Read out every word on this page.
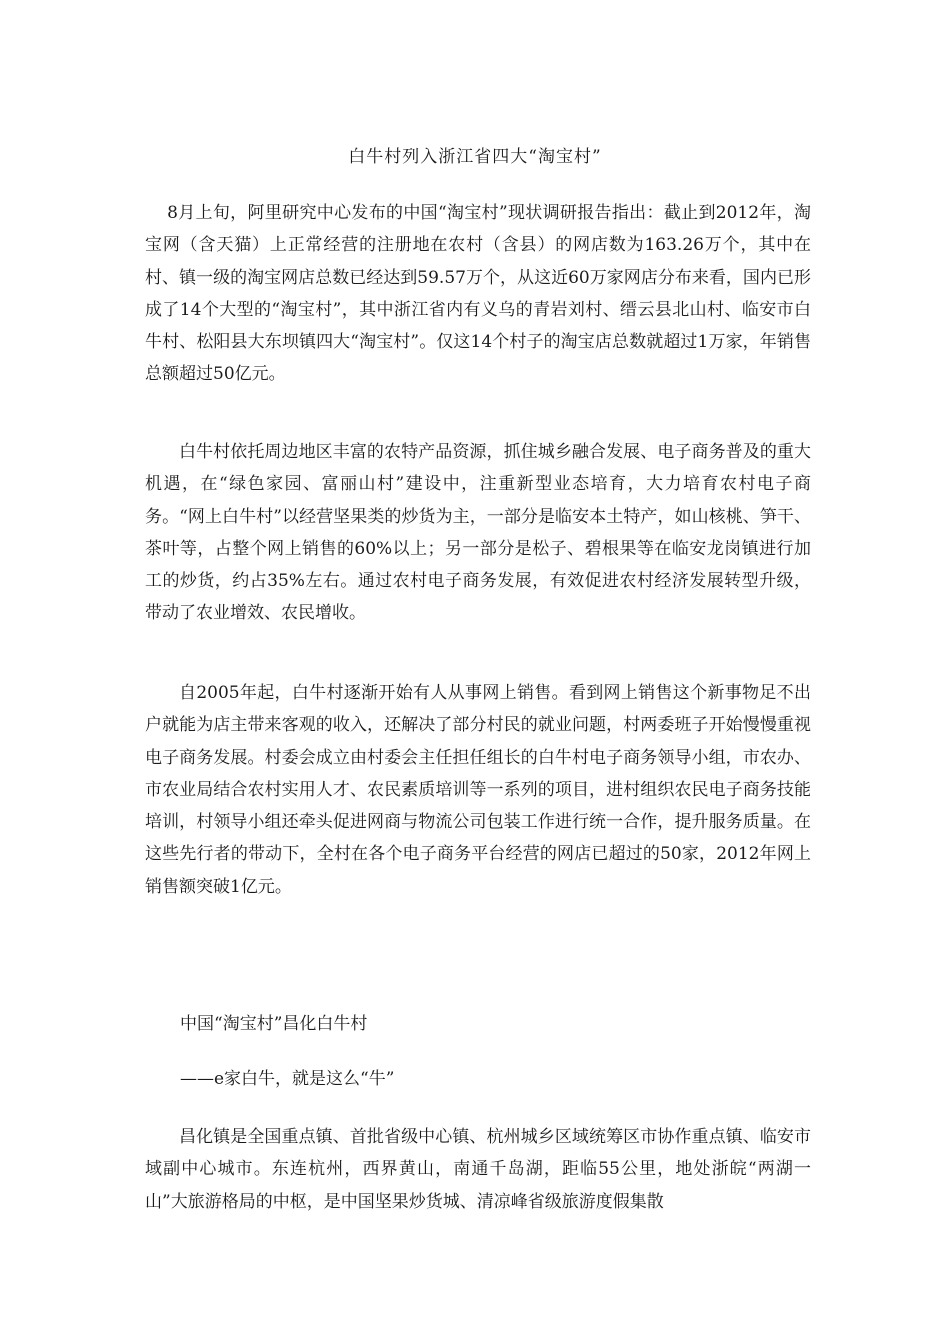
白牛村列入浙江省四大“淘宝村”

8月上旬，阿里研究中心发布的中国“淘宝村”现状调研报告指出：截止到2012年，淘宝网（含天猫）上正常经营的注册地在农村（含县）的网店数为163.26万个，其中在村、镇一级的淘宝网店总数已经达到59.57万个，从这近60万家网店分布来看，国内已形成了14个大型的“淘宝村”，其中浙江省内有义乌的青岩刘村、缙云县北山村、临安市白牛村、松阳县大东坝镇四大“淘宝村”。仅这14个村子的淘宝店总数就超过1万家，年销售总额超过50亿元。

白牛村依托周边地区丰富的农特产品资源，抓住城乡融合发展、电子商务普及的重大机遇，在“绿色家园、富丽山村”建设中，注重新型业态培育，大力培育农村电子商务。“网上白牛村”以经营坚果类的炒货为主，一部分是临安本土特产，如山核桃、笋干、茶叶等，占整个网上销售的60%以上；另一部分是松子、碧根果等在临安龙岗镇进行加工的炒货，约占35%左右。通过农村电子商务发展，有效促进农村经济发展转型升级，带动了农业增效、农民增收。

自2005年起，白牛村逐渐开始有人从事网上销售。看到网上销售这个新事物足不出户就能为店主带来客观的收入，还解决了部分村民的就业问题，村两委班子开始慢慢重视电子商务发展。村委会成立由村委会主任担任组长的白牛村电子商务领导小组，市农办、市农业局结合农村实用人才、农民素质培训等一系列的项目，进村组织农民电子商务技能培训，村领导小组还牵头促进网商与物流公司包装工作进行统一合作，提升服务质量。在这些先行者的带动下，全村在各个电子商务平台经营的网店已超过的50家，2012年网上销售额突破1亿元。

中国“淘宝村”昌化白牛村

——e家白牛，就是这么“牛”

昌化镇是全国重点镇、首批省级中心镇、杭州城乡区域统筹区市协作重点镇、临安市域副中心城市。东连杭州，西界黄山，南通千岛湖，距临55公里，地处浙皖“两湖一山”大旅游格局的中枢，是中国坚果炒货城、清凉峰省级旅游度假集散
